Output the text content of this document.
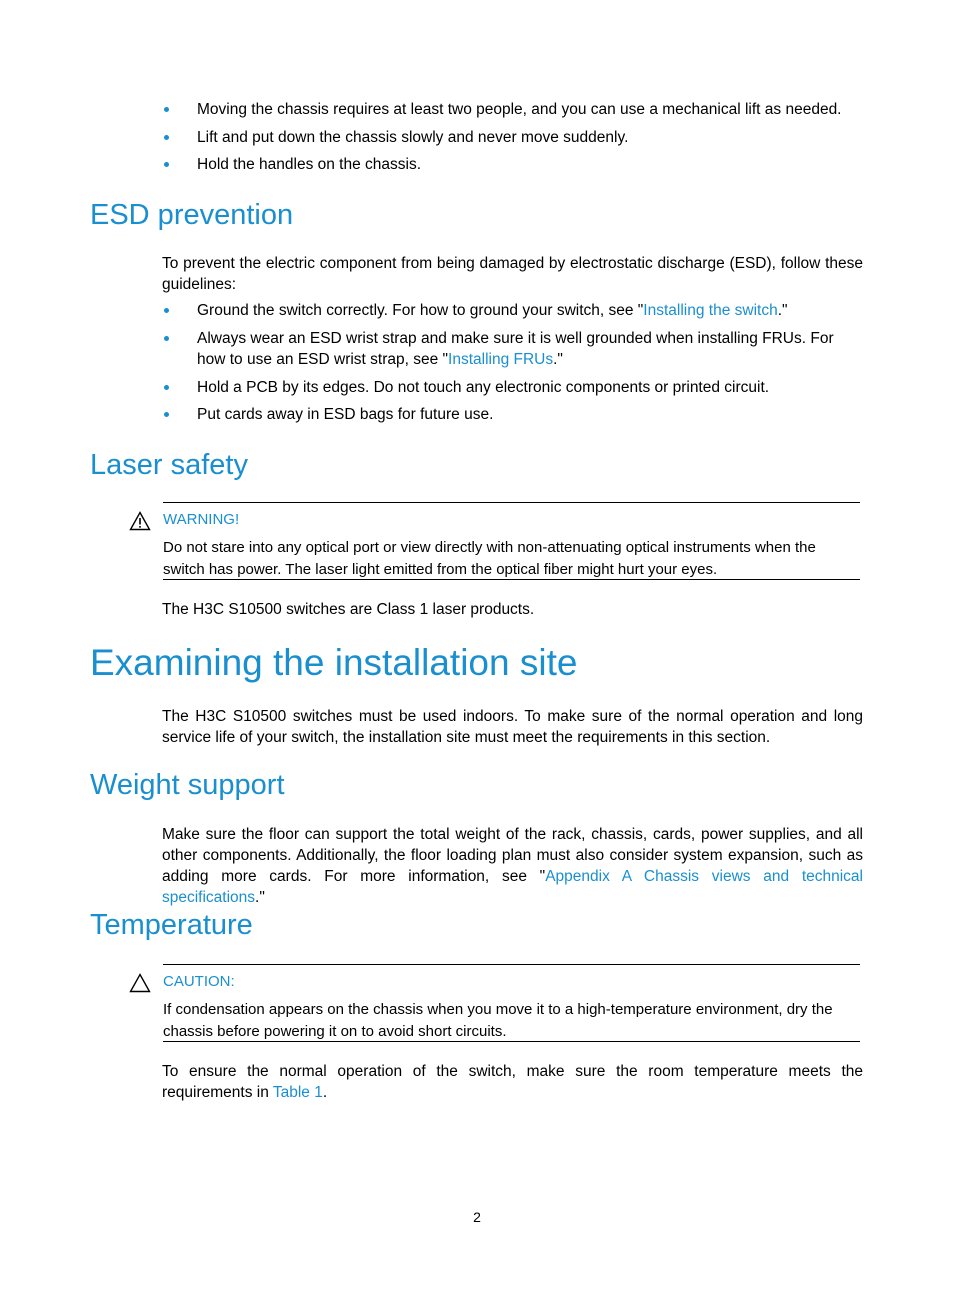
Moving the chassis requires at least two people, and you can use a mechanical lift as needed.
Lift and put down the chassis slowly and never move suddenly.
Hold the handles on the chassis.
ESD prevention

To prevent the electric component from being damaged by electrostatic discharge (ESD), follow these guidelines:

Ground the switch correctly. For how to ground your switch, see "Installing the switch."
Always wear an ESD wrist strap and make sure it is well grounded when installing FRUs. For how to use an ESD wrist strap, see "Installing FRUs."
Hold a PCB by its edges. Do not touch any electronic components or printed circuit.
Put cards away in ESD bags for future use.
Laser safety
WARNING!
Do not stare into any optical port or view directly with non-attenuating optical instruments when the switch has power. The laser light emitted from the optical fiber might hurt your eyes.

The H3C S10500 switches are Class 1 laser products.

Examining the installation site

The H3C S10500 switches must be used indoors. To make sure of the normal operation and long service life of your switch, the installation site must meet the requirements in this section.

Weight support

Make sure the floor can support the total weight of the rack, chassis, cards, power supplies, and all other components. Additionally, the floor loading plan must also consider system expansion, such as adding more cards. For more information, see "Appendix A Chassis views and technical specifications."

Temperature
CAUTION:
If condensation appears on the chassis when you move it to a high-temperature environment, dry the chassis before powering it on to avoid short circuits.

To ensure the normal operation of the switch, make sure the room temperature meets the requirements in Table 1.

2
